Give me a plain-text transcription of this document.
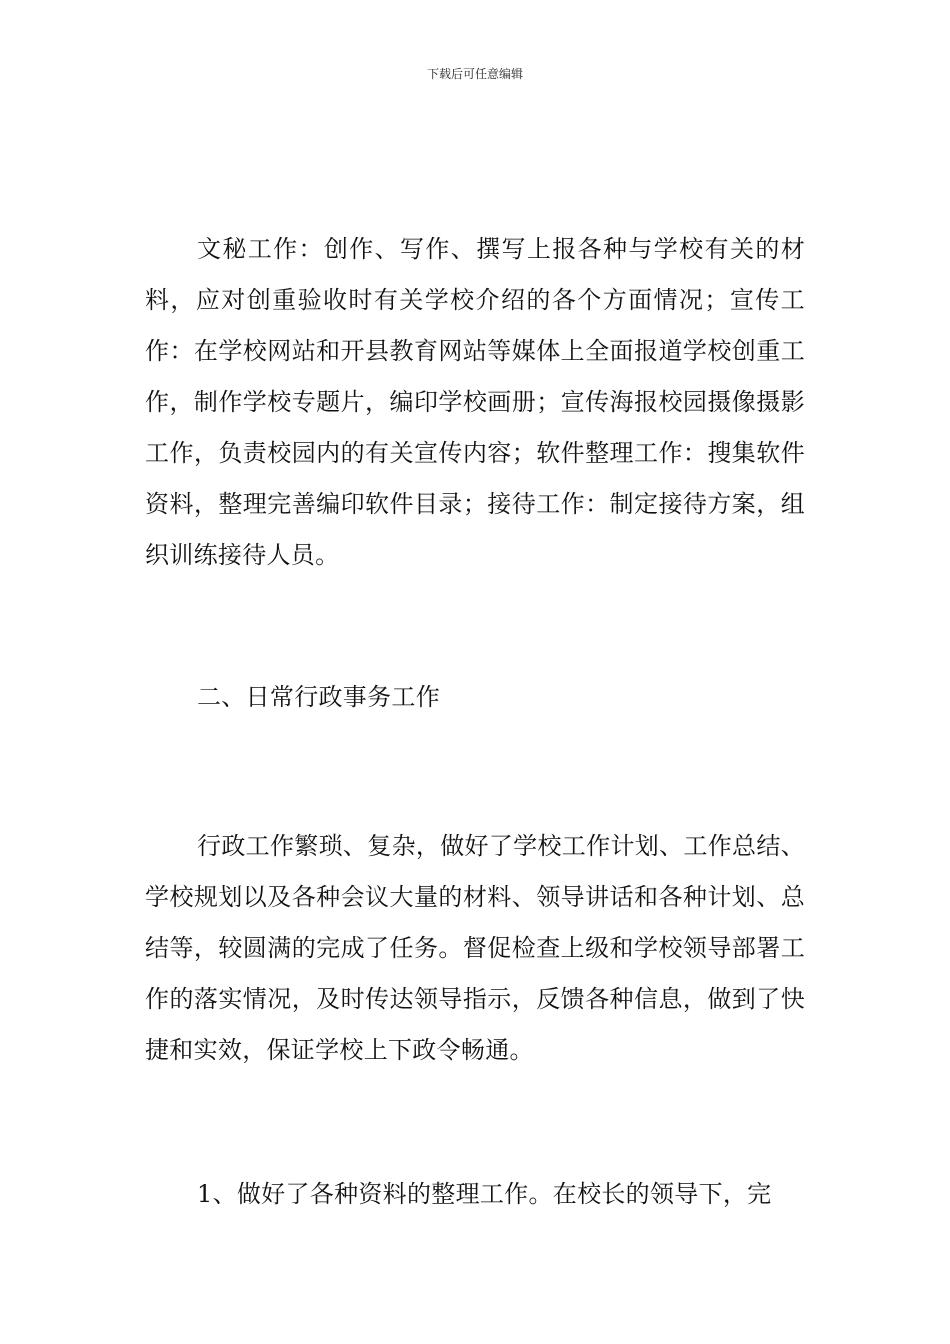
下载后可任意编辑

文秘工作：创作、写作、撰写上报各种与学校有关的材料，应对创重验收时有关学校介绍的各个方面情况；宣传工作：在学校网站和开县教育网站等媒体上全面报道学校创重工作，制作学校专题片，编印学校画册；宣传海报校园摄像摄影工作，负责校园内的有关宣传内容；软件整理工作：搜集软件资料，整理完善编印软件目录；接待工作：制定接待方案，组织训练接待人员。

二、日常行政事务工作

行政工作繁琐、复杂，做好了学校工作计划、工作总结、学校规划以及各种会议大量的材料、领导讲话和各种计划、总结等，较圆满的完成了任务。督促检查上级和学校领导部署工作的落实情况，及时传达领导指示，反馈各种信息，做到了快捷和实效，保证学校上下政令畅通。

1、做好了各种资料的整理工作。在校长的领导下，完
